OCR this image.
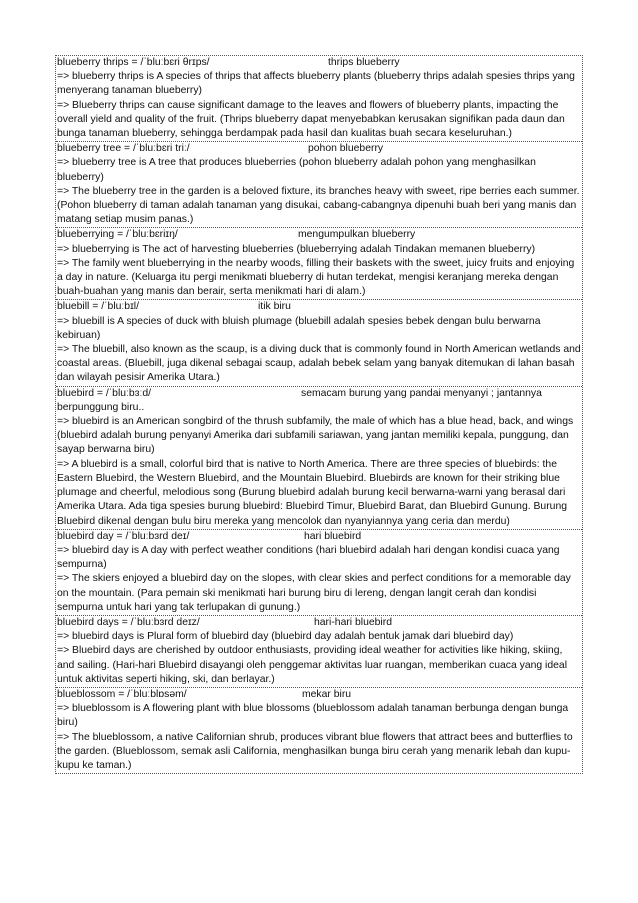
blueberry thrips = /ˈbluːbɛri θrɪps/	thrips blueberry
=> blueberry thrips is A species of thrips that affects blueberry plants (blueberry thrips adalah spesies thrips yang menyerang tanaman blueberry)
=> Blueberry thrips can cause significant damage to the leaves and flowers of blueberry plants, impacting the overall yield and quality of the fruit. (Thrips blueberry dapat menyebabkan kerusakan signifikan pada daun dan bunga tanaman blueberry, sehingga berdampak pada hasil dan kualitas buah secara keseluruhan.)
blueberry tree = /ˈbluːbɛri triː/	pohon blueberry
=> blueberry tree is A tree that produces blueberries (pohon blueberry adalah pohon yang menghasilkan blueberry)
=> The blueberry tree in the garden is a beloved fixture, its branches heavy with sweet, ripe berries each summer. (Pohon blueberry di taman adalah tanaman yang disukai, cabang-cabangnya dipenuhi buah beri yang manis dan matang setiap musim panas.)
blueberrying = /ˈbluːbɛriɪŋ/	mengumpulkan blueberry
=> blueberrying is The act of harvesting blueberries (blueberrying adalah Tindakan memanen blueberry)
=> The family went blueberrying in the nearby woods, filling their baskets with the sweet, juicy fruits and enjoying a day in nature. (Keluarga itu pergi menikmati blueberry di hutan terdekat, mengisi keranjang mereka dengan buah-buahan yang manis dan berair, serta menikmati hari di alam.)
bluebill = /ˈbluːbɪl/	itik biru
=> bluebill is A species of duck with bluish plumage (bluebill adalah spesies bebek dengan bulu berwarna kebiruan)
=> The bluebill, also known as the scaup, is a diving duck that is commonly found in North American wetlands and coastal areas. (Bluebill, juga dikenal sebagai scaup, adalah bebek selam yang banyak ditemukan di lahan basah dan wilayah pesisir Amerika Utara.)
bluebird = /ˈbluːbɜːd/	semacam burung yang pandai menyanyi ; jantannya berpunggung biru..
=> bluebird is an American songbird of the thrush subfamily, the male of which has a blue head, back, and wings (bluebird adalah burung penyanyi Amerika dari subfamili sariawan, yang jantan memiliki kepala, punggung, dan sayap berwarna biru)
=> A bluebird is a small, colorful bird that is native to North America. There are three species of bluebirds: the Eastern Bluebird, the Western Bluebird, and the Mountain Bluebird. Bluebirds are known for their striking blue plumage and cheerful, melodious song (Burung bluebird adalah burung kecil berwarna-warni yang berasal dari Amerika Utara. Ada tiga spesies burung bluebird: Bluebird Timur, Bluebird Barat, dan Bluebird Gunung. Burung Bluebird dikenal dengan bulu biru mereka yang mencolok dan nyanyiannya yang ceria dan merdu)
bluebird day = /ˈbluːbɜrd deɪ/	hari bluebird
=> bluebird day is A day with perfect weather conditions (hari bluebird adalah hari dengan kondisi cuaca yang sempurna)
=> The skiers enjoyed a bluebird day on the slopes, with clear skies and perfect conditions for a memorable day on the mountain. (Para pemain ski menikmati hari burung biru di lereng, dengan langit cerah dan kondisi sempurna untuk hari yang tak terlupakan di gunung.)
bluebird days = /ˈbluːbɜrd deɪz/	hari-hari bluebird
=> bluebird days is Plural form of bluebird day (bluebird day adalah bentuk jamak dari bluebird day)
=> Bluebird days are cherished by outdoor enthusiasts, providing ideal weather for activities like hiking, skiing, and sailing. (Hari-hari Bluebird disayangi oleh penggemar aktivitas luar ruangan, memberikan cuaca yang ideal untuk aktivitas seperti hiking, ski, dan berlayar.)
blueblossom = /ˈbluːblɒsəm/	mekar biru
=> blueblossom is A flowering plant with blue blossoms (blueblossom adalah tanaman berbunga dengan bunga biru)
=> The blueblossom, a native Californian shrub, produces vibrant blue flowers that attract bees and butterflies to the garden. (Blueblossom, semak asli California, menghasilkan bunga biru cerah yang menarik lebah dan kupu-kupu ke taman.)
